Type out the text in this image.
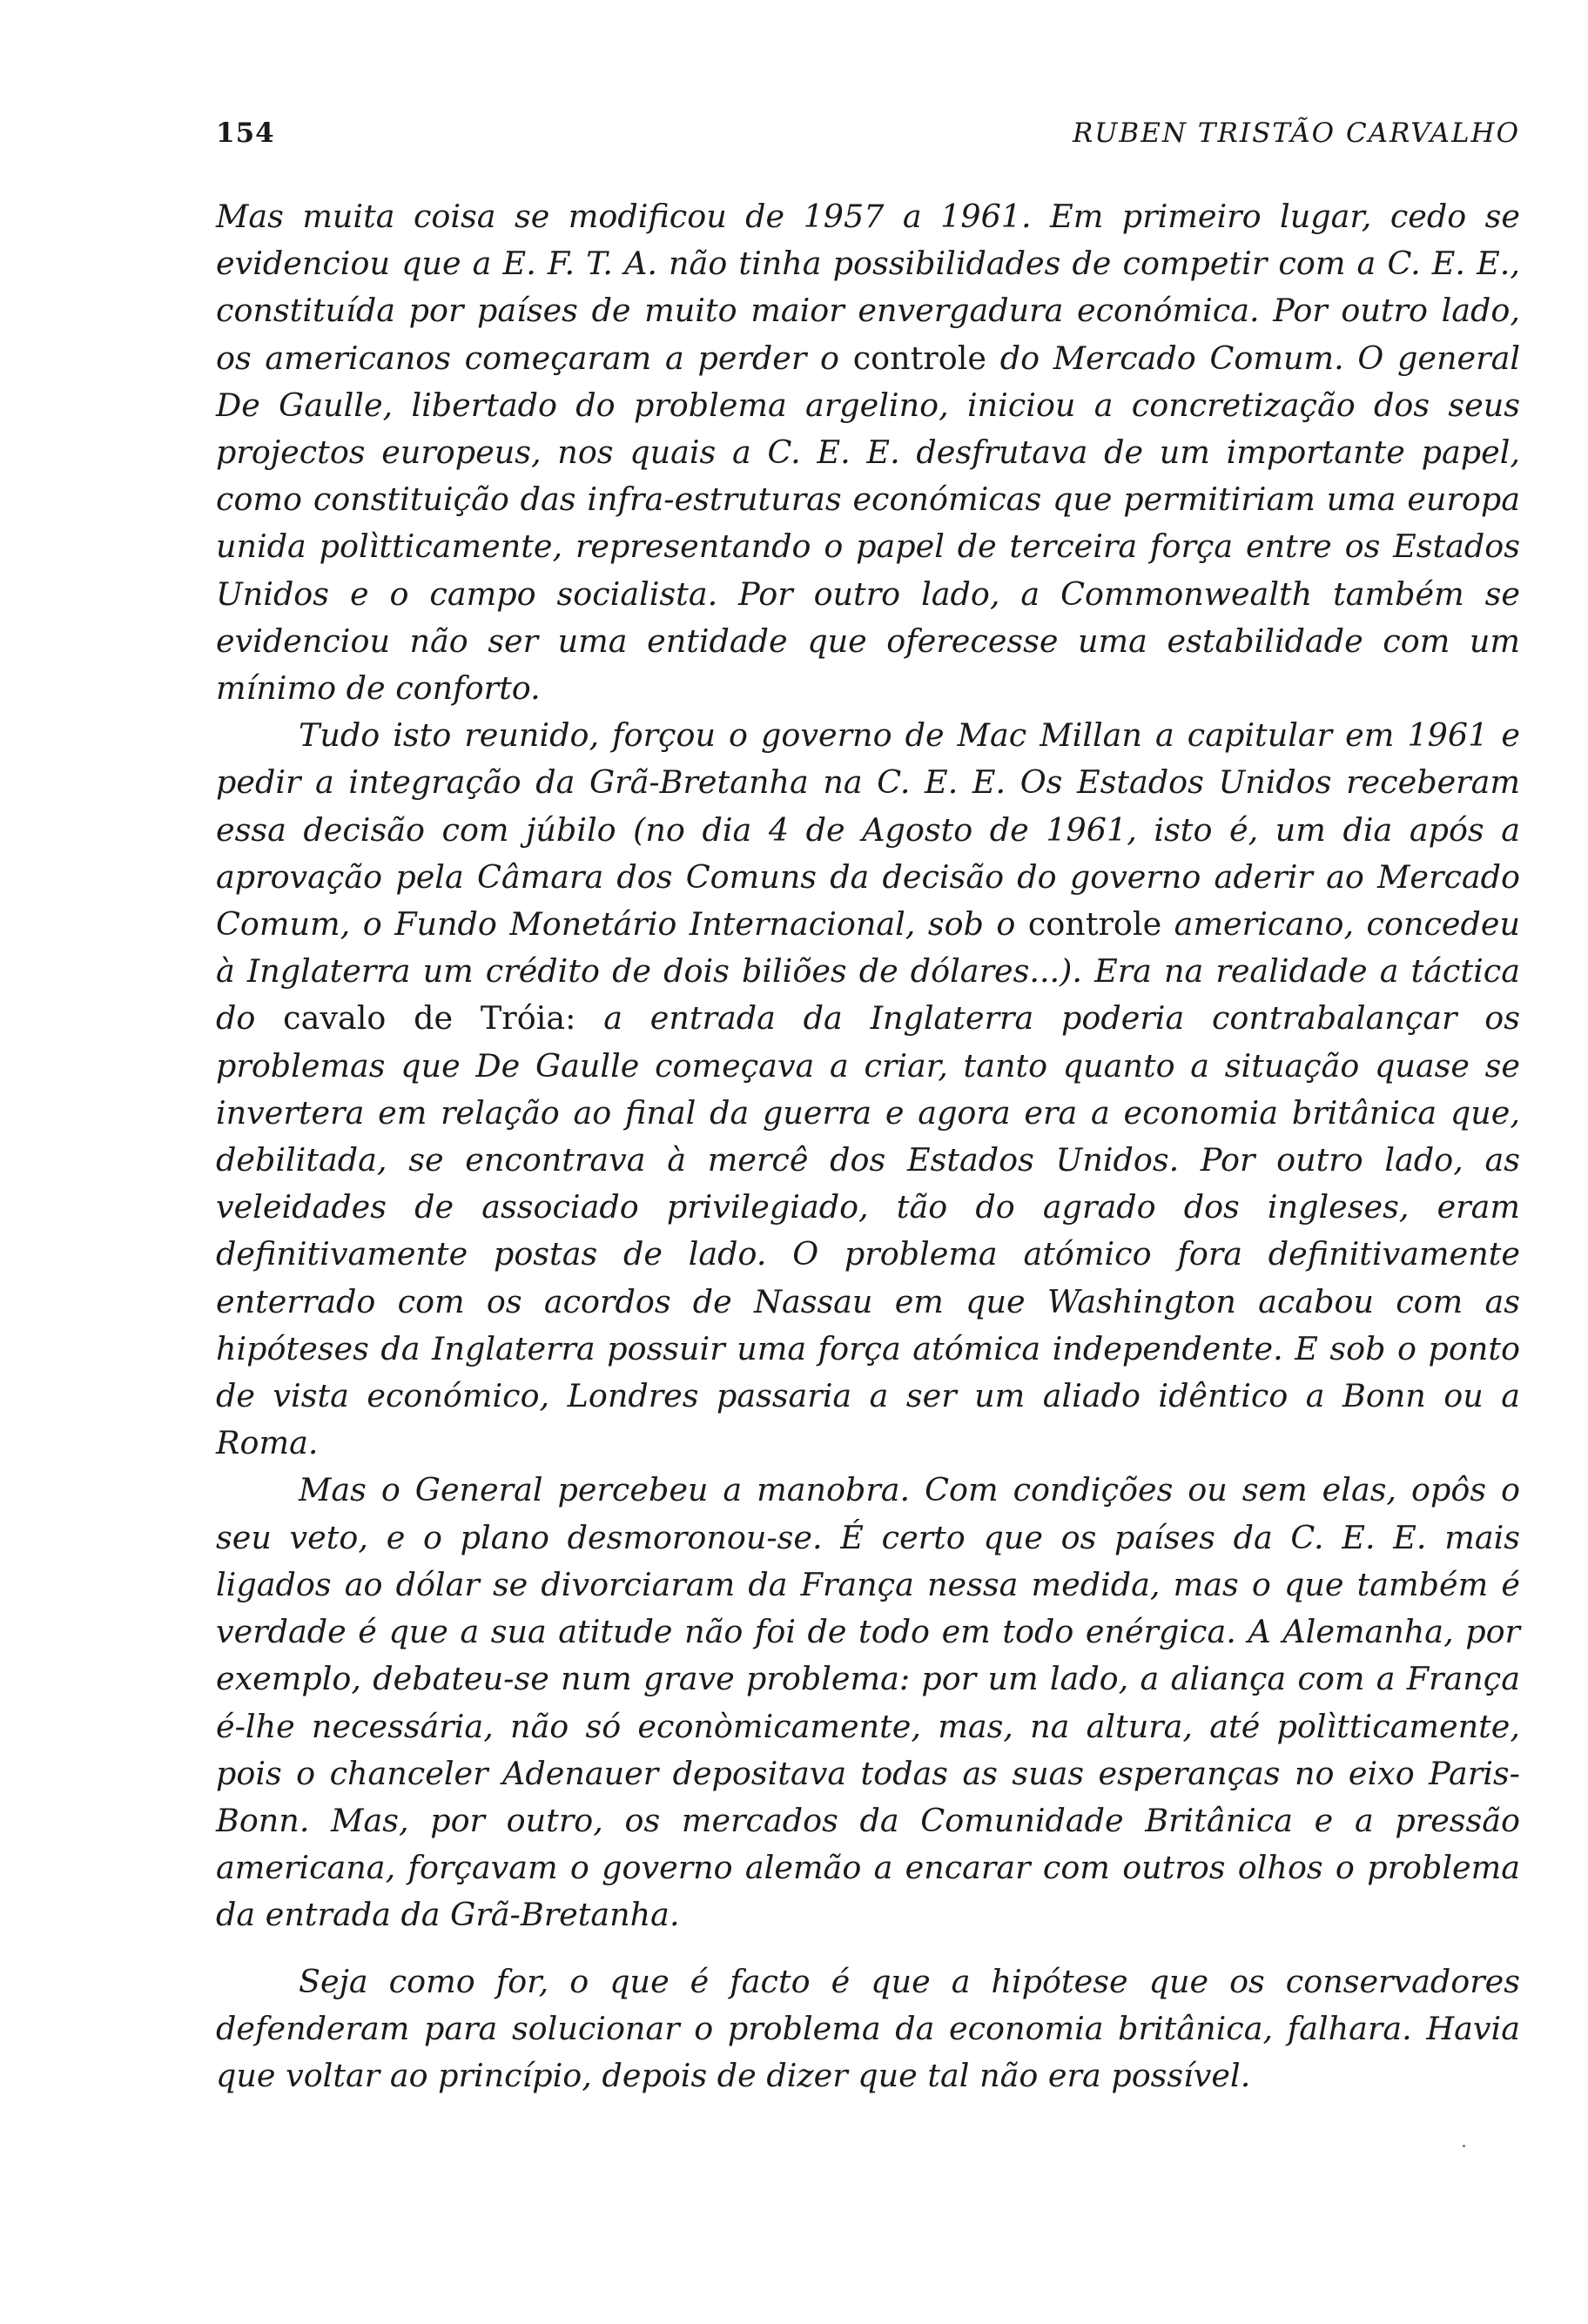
154	RUBEN TRISTÃO CARVALHO

Mas muita coisa se modificou de 1957 a 1961. Em primeiro lugar, cedo se evidenciou que a E. F. T. A. não tinha possibilidades de competir com a C. E. E., constituída por países de muito maior envergadura económica. Por outro lado, os americanos começaram a perder o controle do Mercado Comum. O general De Gaulle, libertado do problema argelino, iniciou a concretização dos seus projectos europeus, nos quais a C. E. E. desfrutava de um importante papel, como constituição das infra-estruturas económicas que permitiriam uma europa unida polìtticamente, representando o papel de terceira força entre os Estados Unidos e o campo socialista. Por outro lado, a Commonwealth também se evidenciou não ser uma entidade que oferecesse uma estabilidade com um mínimo de conforto.

Tudo isto reunido, forçou o governo de Mac Millan a capitular em 1961 e pedir a integração da Grã-Bretanha na C. E. E. Os Estados Unidos receberam essa decisão com júbilo (no dia 4 de Agosto de 1961, isto é, um dia após a aprovação pela Câmara dos Comuns da decisão do governo aderir ao Mercado Comum, o Fundo Monetário Internacional, sob o controle americano, concedeu à Inglaterra um crédito de dois biliões de dólares...). Era na realidade a táctica do cavalo de Tróia: a entrada da Inglaterra poderia contrabalançar os problemas que De Gaulle começava a criar, tanto quanto a situação quase se invertera em relação ao final da guerra e agora era a economia britânica que, debilitada, se encontrava à mercê dos Estados Unidos. Por outro lado, as veleidades de associado privilegiado, tão do agrado dos ingleses, eram definitivamente postas de lado. O problema atómico fora definitivamente enterrado com os acordos de Nassau em que Washington acabou com as hipóteses da Inglaterra possuir uma força atómica independente. E sob o ponto de vista económico, Londres passaria a ser um aliado idêntico a Bonn ou a Roma.

Mas o General percebeu a manobra. Com condições ou sem elas, opôs o seu veto, e o plano desmoronou-se. É certo que os países da C. E. E. mais ligados ao dólar se divorciaram da França nessa medida, mas o que também é verdade é que a sua atitude não foi de todo em todo enérgica. A Alemanha, por exemplo, debateu-se num grave problema: por um lado, a aliança com a França é-lhe necessária, não só econòmicamente, mas, na altura, até polìtticamente, pois o chanceler Adenauer depositava todas as suas esperanças no eixo Paris-Bonn. Mas, por outro, os mercados da Comunidade Britânica e a pressão americana, forçavam o governo alemão a encarar com outros olhos o problema da entrada da Grã-Bretanha.

Seja como for, o que é facto é que a hipótese que os conservadores defenderam para solucionar o problema da economia britânica, falhara. Havia que voltar ao princípio, depois de dizer que tal não era possível.
